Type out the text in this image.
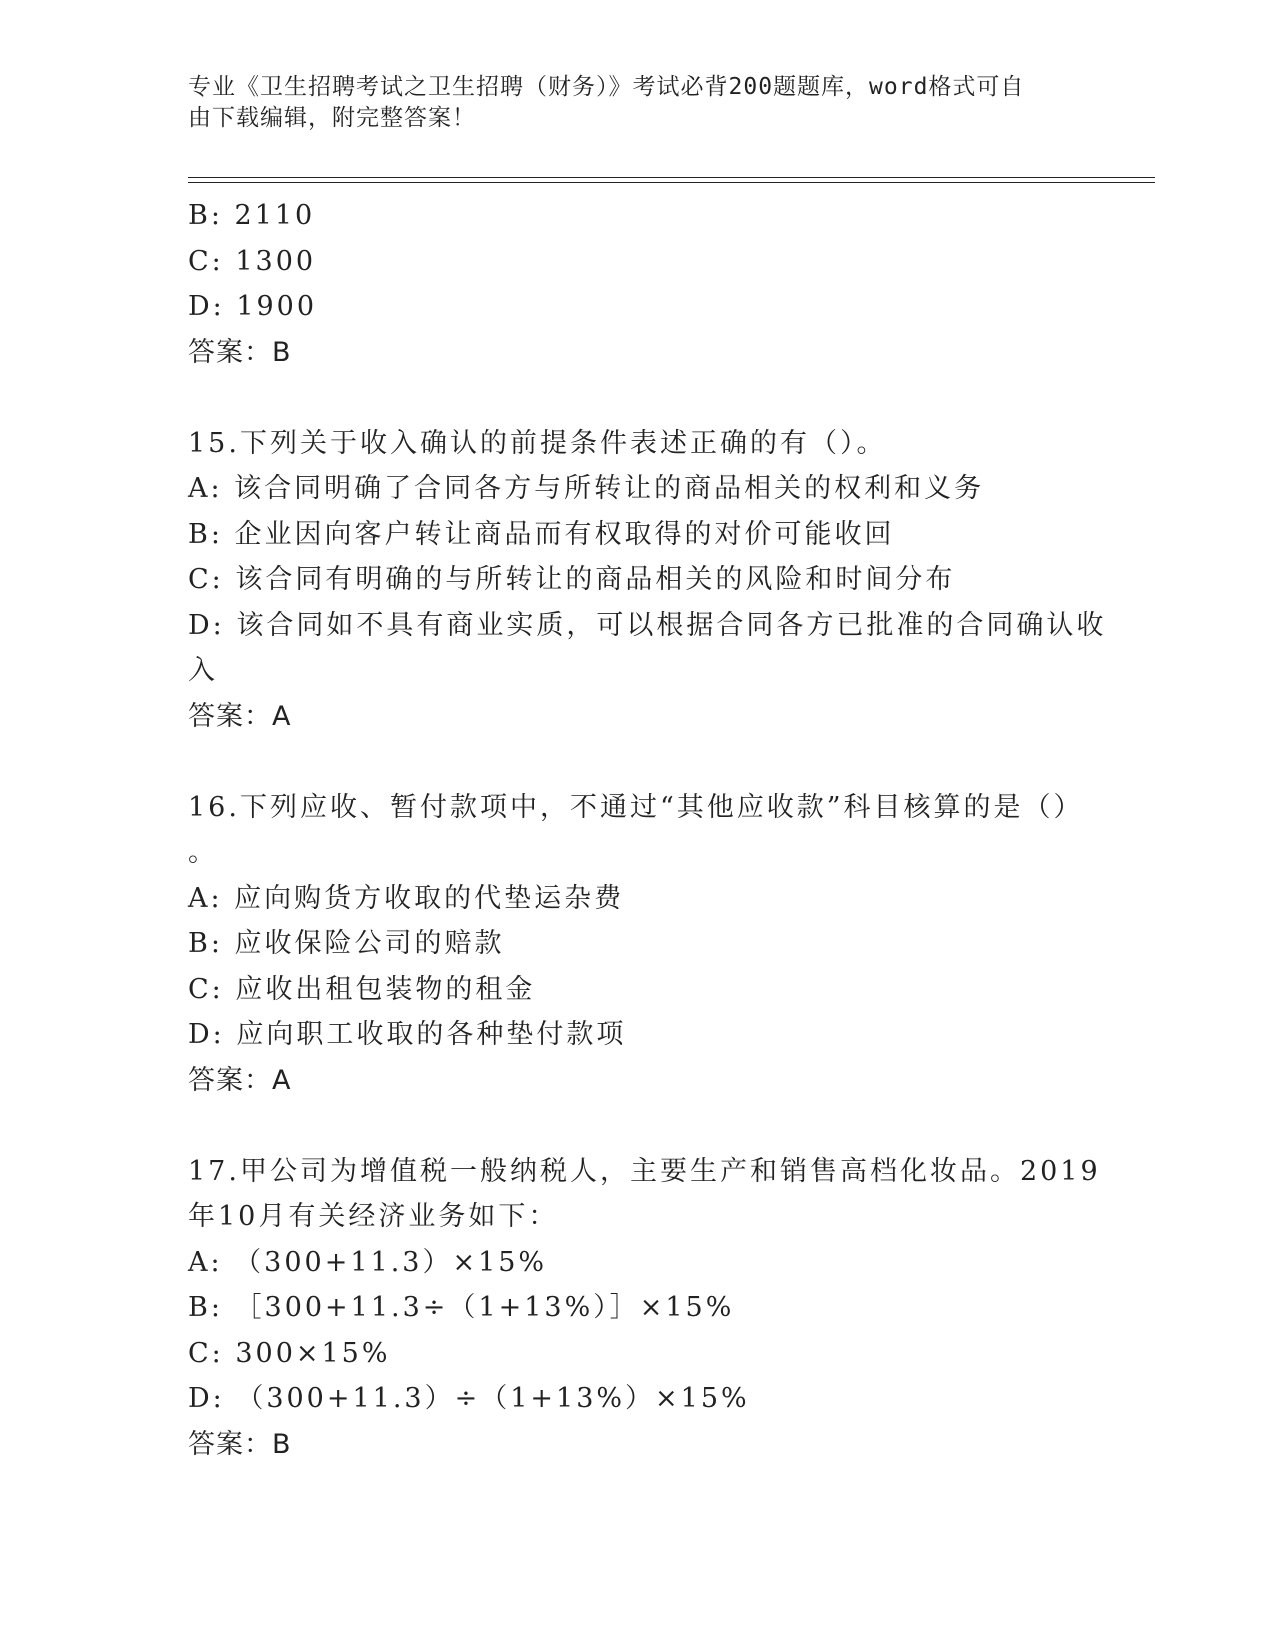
专业《卫生招聘考试之卫生招聘（财务）》考试必背200题题库，word格式可自
由下载编辑，附完整答案！
B: 2110
C: 1300
D: 1900
答案：B
15.下列关于收入确认的前提条件表述正确的有（）。
A: 该合同明确了合同各方与所转让的商品相关的权利和义务
B: 企业因向客户转让商品而有权取得的对价可能收回
C: 该合同有明确的与所转让的商品相关的风险和时间分布
D: 该合同如不具有商业实质，可以根据合同各方已批准的合同确认收
入
答案：A
16.下列应收、暂付款项中，不通过“其他应收款”科目核算的是（）
。
A: 应向购货方收取的代垫运杂费
B: 应收保险公司的赔款
C: 应收出租包装物的租金
D: 应向职工收取的各种垫付款项
答案：A
17.甲公司为增值税一般纳税人，主要生产和销售高档化妆品。2019
年10月有关经济业务如下：
A: （300+11.3）×15%
B: ［300+11.3÷（1+13%）］×15%
C: 300×15%
D: （300+11.3）÷（1+13%）×15%
答案：B
